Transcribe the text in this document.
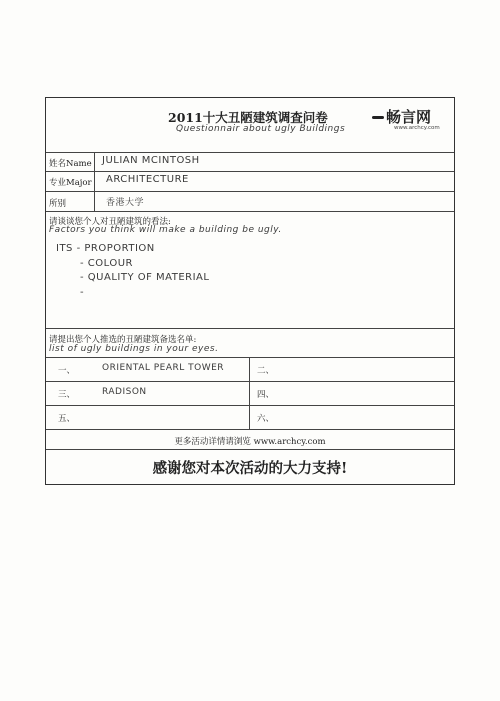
2011十大丑陋建筑调查问卷
Questionnair about ugly Buildings
畅言网
www.archcy.com
姓名Name JULIAN MCINTOSH
专业Major ARCHITECTURE
所别	香港大学
请谈谈您个人对丑陋建筑的看法:
Factors you think will make a building be ugly.
ITS - PROPORTION
- COLOUR
- QUALITY OF MATERIAL
-
请提出您个人推选的丑陋建筑备选名单:
list of ugly buildings in your eyes.
一、	ORIENTAL PEARL TOWER	二、
三、	RADISON	四、
五、	六、
更多活动详情请浏览 www.archcy.com
感谢您对本次活动的大力支持!
